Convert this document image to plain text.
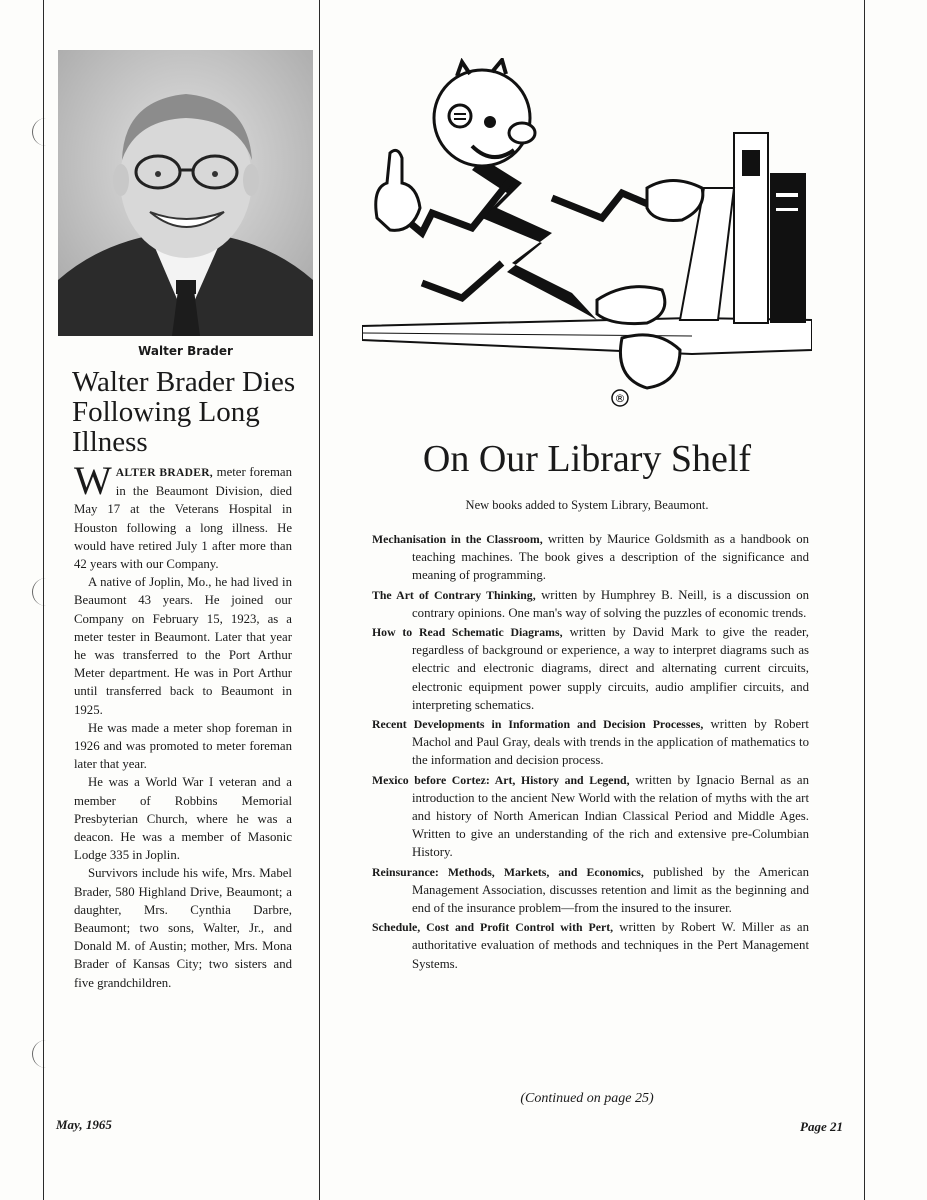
Walter Brader
Walter Brader Dies Following Long Illness

WALTER BRADER, meter foreman in the Beaumont Division, died May 17 at the Veterans Hospital in Houston following a long illness. He would have retired July 1 after more than 42 years with our Company.

A native of Joplin, Mo., he had lived in Beaumont 43 years. He joined our Company on February 15, 1923, as a meter tester in Beaumont. Later that year he was transferred to the Port Arthur Meter department. He was in Port Arthur until transferred back to Beaumont in 1925.

He was made a meter shop foreman in 1926 and was promoted to meter foreman later that year.

He was a World War I veteran and a member of Robbins Memorial Presbyterian Church, where he was a deacon. He was a member of Masonic Lodge 335 in Joplin.

Survivors include his wife, Mrs. Mabel Brader, 580 Highland Drive, Beaumont; a daughter, Mrs. Cynthia Darbre, Beaumont; two sons, Walter, Jr., and Donald M. of Austin; mother, Mrs. Mona Brader of Kansas City; two sisters and five grandchildren.

®
On Our Library Shelf
New books added to System Library, Beaumont.
Mechanisation in the Classroom, written by Maurice Goldsmith as a handbook on teaching machines. The book gives a description of the significance and meaning of programming.
The Art of Contrary Thinking, written by Humphrey B. Neill, is a discussion on contrary opinions. One man's way of solving the puzzles of economic trends.
How to Read Schematic Diagrams, written by David Mark to give the reader, regardless of background or experience, a way to interpret diagrams such as electric and electronic diagrams, direct and alternating current circuits, electronic equipment power supply circuits, audio amplifier circuits, and interpreting schematics.
Recent Developments in Information and Decision Processes, written by Robert Machol and Paul Gray, deals with trends in the application of mathematics to the information and decision process.
Mexico before Cortez: Art, History and Legend, written by Ignacio Bernal as an introduction to the ancient New World with the relation of myths with the art and history of North American Indian Classical Period and Middle Ages. Written to give an understanding of the rich and extensive pre-Columbian History.
Reinsurance: Methods, Markets, and Economics, published by the American Management Association, discusses retention and limit as the beginning and end of the insurance problem—from the insured to the insurer.
Schedule, Cost and Profit Control with Pert, written by Robert W. Miller as an authoritative evaluation of methods and techniques in the Pert Management Systems.
(Continued on page 25)
May, 1965	Page 21
